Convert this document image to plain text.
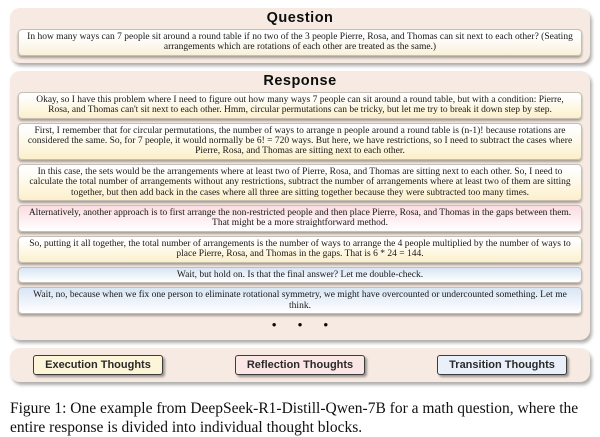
Question
In how many ways can 7 people sit around a round table if no two of the 3 people Pierre, Rosa, and Thomas can sit next to each other? (Seating arrangements which are rotations of each other are treated as the same.)
Response
Okay, so I have this problem where I need to figure out how many ways 7 people can sit around a round table, but with a condition: Pierre, Rosa, and Thomas can't sit next to each other. Hmm, circular permutations can be tricky, but let me try to break it down step by step.
First, I remember that for circular permutations, the number of ways to arrange n people around a round table is (n-1)! because rotations are considered the same. So, for 7 people, it would normally be 6! = 720 ways. But here, we have restrictions, so I need to subtract the cases where Pierre, Rosa, and Thomas are sitting next to each other.
In this case, the sets would be the arrangements where at least two of Pierre, Rosa, and Thomas are sitting next to each other. So, I need to calculate the total number of arrangements without any restrictions, subtract the number of arrangements where at least two of them are sitting together, but then add back in the cases where all three are sitting together because they were subtracted too many times.
Alternatively, another approach is to first arrange the non-restricted people and then place Pierre, Rosa, and Thomas in the gaps between them. That might be a more straightforward method.
So, putting it all together, the total number of arrangements is the number of ways to arrange the 4 people multiplied by the number of ways to place Pierre, Rosa, and Thomas in the gaps. That is 6 * 24 = 144.
Wait, but hold on. Is that the final answer? Let me double-check.
Wait, no, because when we fix one person to eliminate rotational symmetry, we might have overcounted or undercounted something. Let me think.
• • •
Execution Thoughts	Reflection Thoughts	Transition Thoughts
Figure 1: One example from DeepSeek-R1-Distill-Qwen-7B for a math question, where the entire response is divided into individual thought blocks.
